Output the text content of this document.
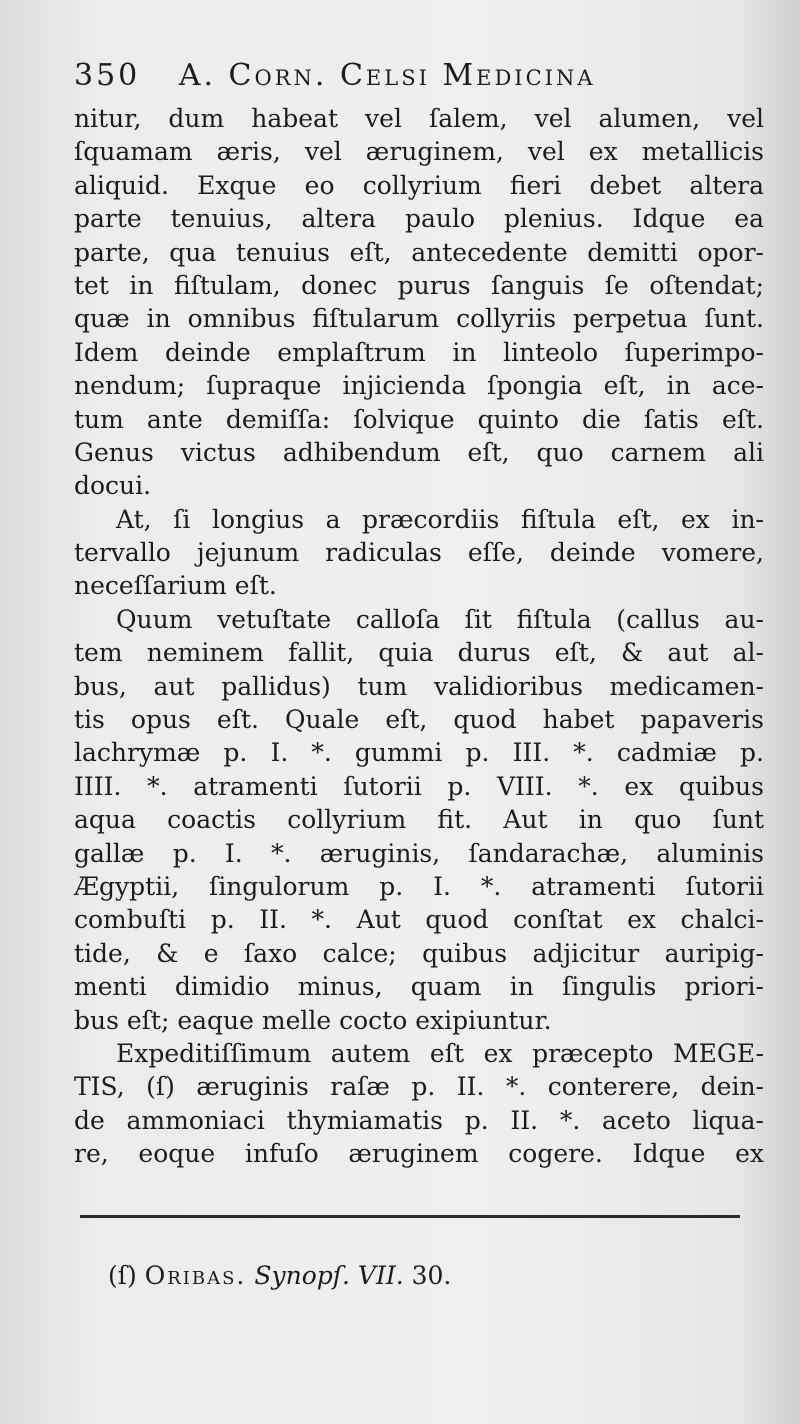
350 A. Corn. Celsi Medicina
nitur, dum habeat vel ſalem, vel alumen, vel
ſquamam æris, vel æruginem, vel ex metallicis
aliquid. Exque eo collyrium fieri debet altera
parte tenuius, altera paulo plenius. Idque ea
parte, qua tenuius eſt, antecedente demitti opor-
tet in fiſtulam, donec purus ſanguis ſe oſtendat;
quæ in omnibus fiſtularum collyriis perpetua ſunt.
Idem deinde emplaſtrum in linteolo ſuperimpo-
nendum; ſupraque injicienda ſpongia eſt, in ace-
tum ante demiſſa: ſolvique quinto die ſatis eſt.
Genus victus adhibendum eſt, quo carnem ali
docui.
At, ſi longius a præcordiis fiſtula eſt, ex in-
tervallo jejunum radiculas eſſe, deinde vomere,
neceſſarium eſt.
Quum vetuſtate calloſa ſit fiſtula (callus au-
tem neminem fallit, quia durus eſt, & aut al-
bus, aut pallidus) tum validioribus medicamen-
tis opus eſt. Quale eſt, quod habet papaveris
lachrymæ p. I. *. gummi p. III. *. cadmiæ p.
IIII. *. atramenti ſutorii p. VIII. *. ex quibus
aqua coactis collyrium fit. Aut in quo ſunt
gallæ p. I. *. æruginis, ſandarachæ, aluminis
Ægyptii, ſingulorum p. I. *. atramenti ſutorii
combuſti p. II. *. Aut quod conſtat ex chalci-
tide, & e ſaxo calce; quibus adjicitur auripig-
menti dimidio minus, quam in ſingulis priori-
bus eſt; eaque melle cocto exipiuntur.
Expeditiſſimum autem eſt ex præcepto MEGE-
TIS, (ſ) æruginis raſæ p. II. *. conterere, dein-
de ammoniaci thymiamatis p. II. *. aceto liqua-
re, eoque infuſo æruginem cogere. Idque ex
(ſ) Oribas. Synopſ. VII. 30.
